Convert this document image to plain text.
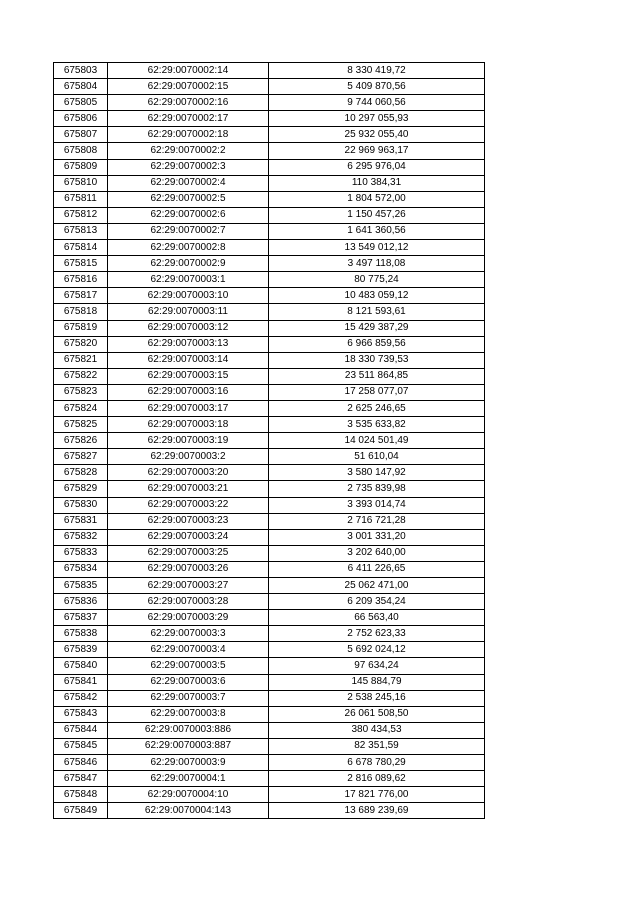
675803	62:29:0070002:14	8 330 419,72
675804	62:29:0070002:15	5 409 870,56
675805	62:29:0070002:16	9 744 060,56
675806	62:29:0070002:17	10 297 055,93
675807	62:29:0070002:18	25 932 055,40
675808	62:29:0070002:2	22 969 963,17
675809	62:29:0070002:3	6 295 976,04
675810	62:29:0070002:4	110 384,31
675811	62:29:0070002:5	1 804 572,00
675812	62:29:0070002:6	1 150 457,26
675813	62:29:0070002:7	1 641 360,56
675814	62:29:0070002:8	13 549 012,12
675815	62:29:0070002:9	3 497 118,08
675816	62:29:0070003:1	80 775,24
675817	62:29:0070003:10	10 483 059,12
675818	62:29:0070003:11	8 121 593,61
675819	62:29:0070003:12	15 429 387,29
675820	62:29:0070003:13	6 966 859,56
675821	62:29:0070003:14	18 330 739,53
675822	62:29:0070003:15	23 511 864,85
675823	62:29:0070003:16	17 258 077,07
675824	62:29:0070003:17	2 625 246,65
675825	62:29:0070003:18	3 535 633,82
675826	62:29:0070003:19	14 024 501,49
675827	62:29:0070003:2	51 610,04
675828	62:29:0070003:20	3 580 147,92
675829	62:29:0070003:21	2 735 839,98
675830	62:29:0070003:22	3 393 014,74
675831	62:29:0070003:23	2 716 721,28
675832	62:29:0070003:24	3 001 331,20
675833	62:29:0070003:25	3 202 640,00
675834	62:29:0070003:26	6 411 226,65
675835	62:29:0070003:27	25 062 471,00
675836	62:29:0070003:28	6 209 354,24
675837	62:29:0070003:29	66 563,40
675838	62:29:0070003:3	2 752 623,33
675839	62:29:0070003:4	5 692 024,12
675840	62:29:0070003:5	97 634,24
675841	62:29:0070003:6	145 884,79
675842	62:29:0070003:7	2 538 245,16
675843	62:29:0070003:8	26 061 508,50
675844	62:29:0070003:886	380 434,53
675845	62:29:0070003:887	82 351,59
675846	62:29:0070003:9	6 678 780,29
675847	62:29:0070004:1	2 816 089,62
675848	62:29:0070004:10	17 821 776,00
675849	62:29:0070004:143	13 689 239,69
